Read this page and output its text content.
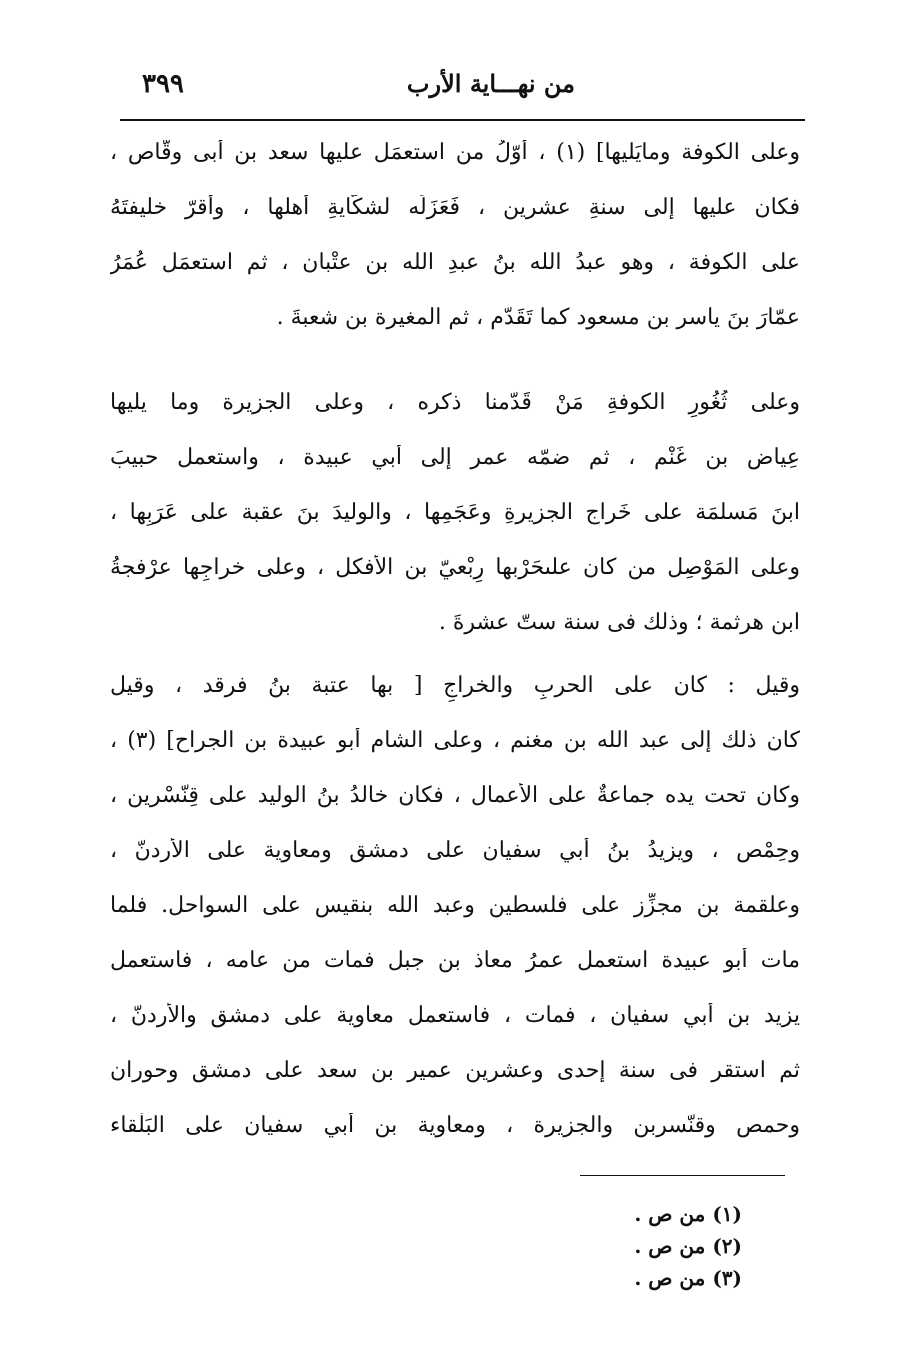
٣٩٩	من نهـــاية الأرب
وعلى الكوفة ومايَليها] (١) ، أوّلُ من استعمَل عليها سعد بن أبى وقّاص ،
فكان عليها إلى سنةِ عشرين ، فَعَزَلَه لشكّايةِ أهلها ، وأقرّ خليفتَهُ
على الكوفة ، وهو عبدُ الله بنُ عبدِ الله بن عتْبان ، ثم استعمَل عُمَرُ
عمّارَ بنَ ياسر بن مسعود كما تَقَدّم ، ثم المغيرة بن شعبةَ .
وعلى ثُغُورِ الكوفةِ مَنْ قَدّمنا ذكره ، وعلى الجزيرة وما يليها
عِياض بن غَنْم ، ثم ضمّه عمر إلى أبي عبيدة ، واستعمل حبيبَ
ابنَ مَسلمَة على خَراج الجزيرةِ وعَجَمِها ، والوليدَ بنَ عقبة على عَرَبِها ،
وعلى المَوْصِل من كان علىحَرْبها رِبْعيّ بن الأفكل ، وعلى خراجِها عرْفجةُ
ابن هرثمة ؛ وذلك فى سنة ستّ عشرةَ .
وقيل : كان على الحربِ والخراجِ [ بها عتبة بنُ فرقد ، وقيل
كان ذلك إلى عبد الله بن مغنم ، وعلى الشام أبو عبيدة بن الجراح] (٣) ،
وكان تحت يده جماعةٌ على الأعمال ، فكان خالدُ بنُ الوليد على قِنّسْرين ،
وحِمْص ، ويزيدُ بنُ أبي سفيان على دمشق ومعاوية على الأُردنّ ،
وعلقمة بن مجزِّز على فلسطين وعبد الله بنقيس على السواحل. فلما
مات أبو عبيدة استعمل عمرُ معاذ بن جبل فمات من عامه ، فاستعمل
يزيد بن أبي سفيان ، فمات ، فاستعمل معاوية على دمشق والأُردنّ ،
ثم استقر فى سنة إحدى وعشرين عمير بن سعد على دمشق وحوران
وحمص وقنّسربن والجزيرة ، ومعاوية بن أبي سفيان على البَلْقاء
(١) من ص .
(٢) من ص .
(٣) من ص .
